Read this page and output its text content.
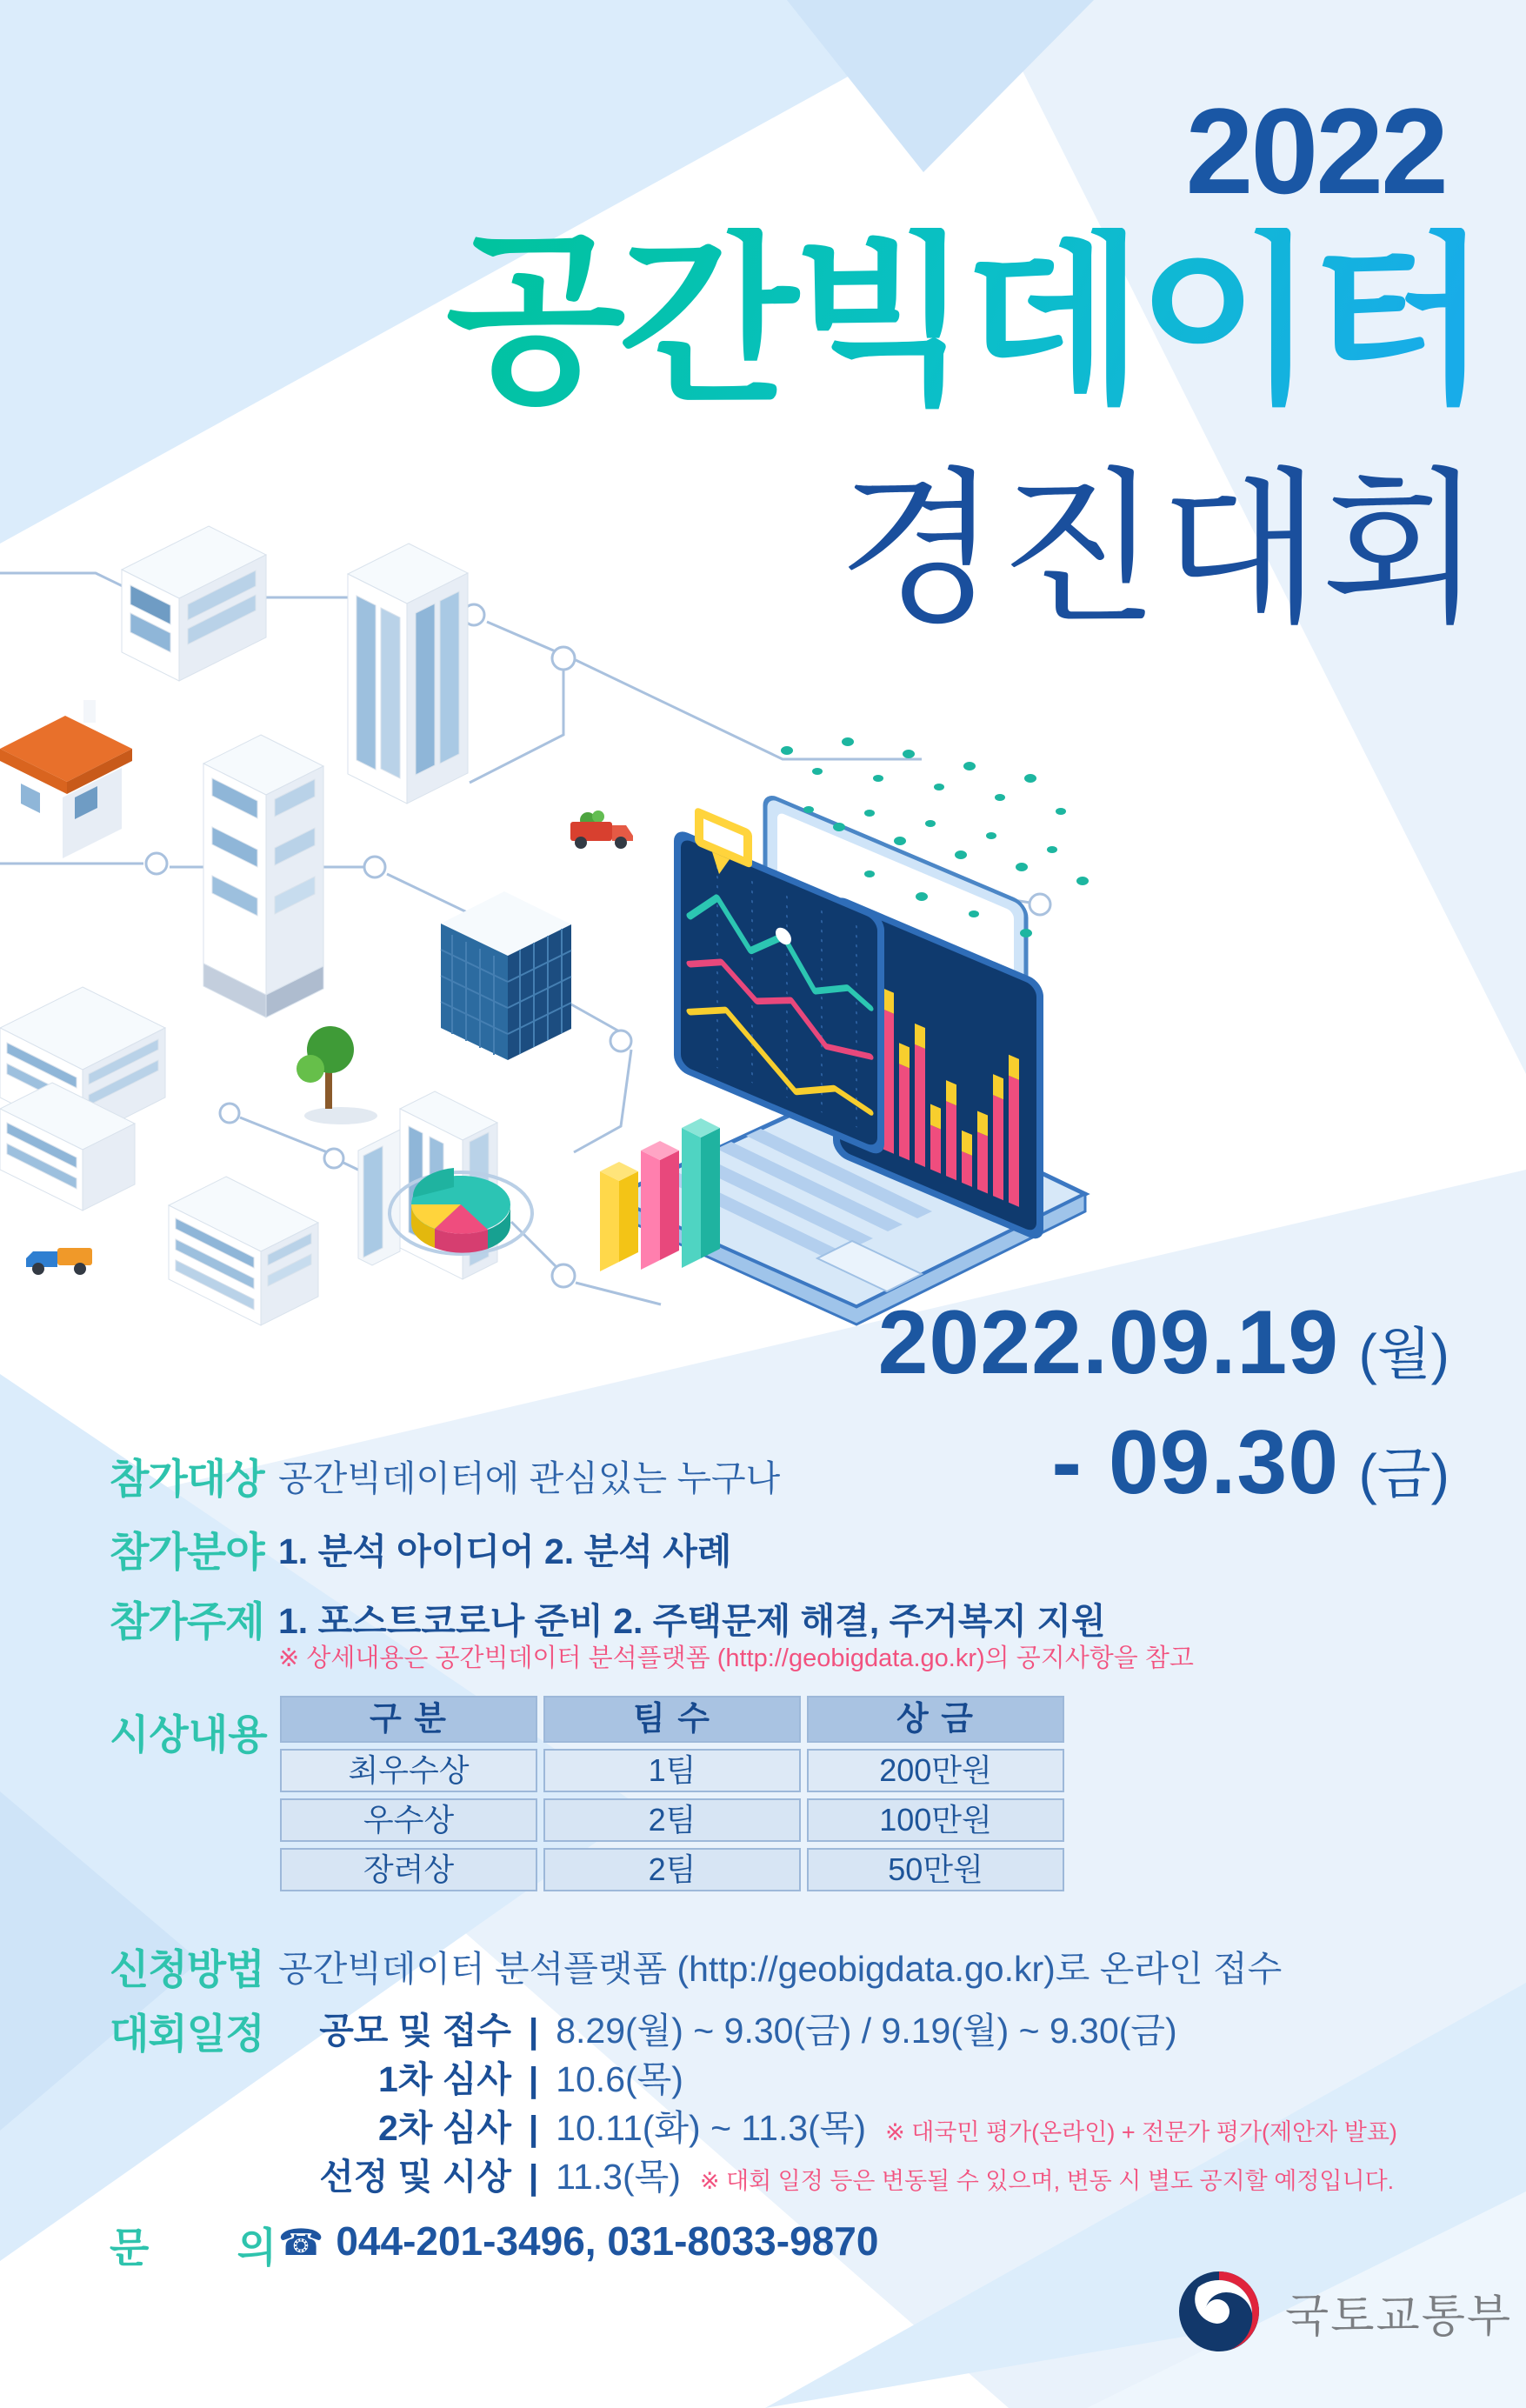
2022
공간빅데이터
경진대회
2022.09.19 (월)
- 09.30 (금)
참가대상 공간빅데이터에 관심있는 누구나
참가분야 1. 분석 아이디어 2. 분석 사례
참가주제 1. 포스트코로나 준비 2. 주택문제 해결, 주거복지 지원
※ 상세내용은 공간빅데이터 분석플랫폼 (http://geobigdata.go.kr)의 공지사항을 참고
시상내용	구 분	팀 수	상 금
최우수상	1팀	200만원
우수상	2팀	100만원
장려상	2팀	50만원
신청방법 공간빅데이터 분석플랫폼 (http://geobigdata.go.kr)로 온라인 접수
대회일정	공모 및 접수 | 8.29(월) ~ 9.30(금) / 9.19(월) ~ 9.30(금)
1차 심사 | 10.6(목)
2차 심사 | 10.11(화) ~ 11.3(목) ※ 대국민 평가(온라인) + 전문가 평가(제안자 발표)
선정 및 시상 | 11.3(목) ※ 대회 일정 등은 변동될 수 있으며, 변동 시 별도 공지할 예정입니다.
문 의 ☎ 044-201-3496, 031-8033-9870
국토교통부
